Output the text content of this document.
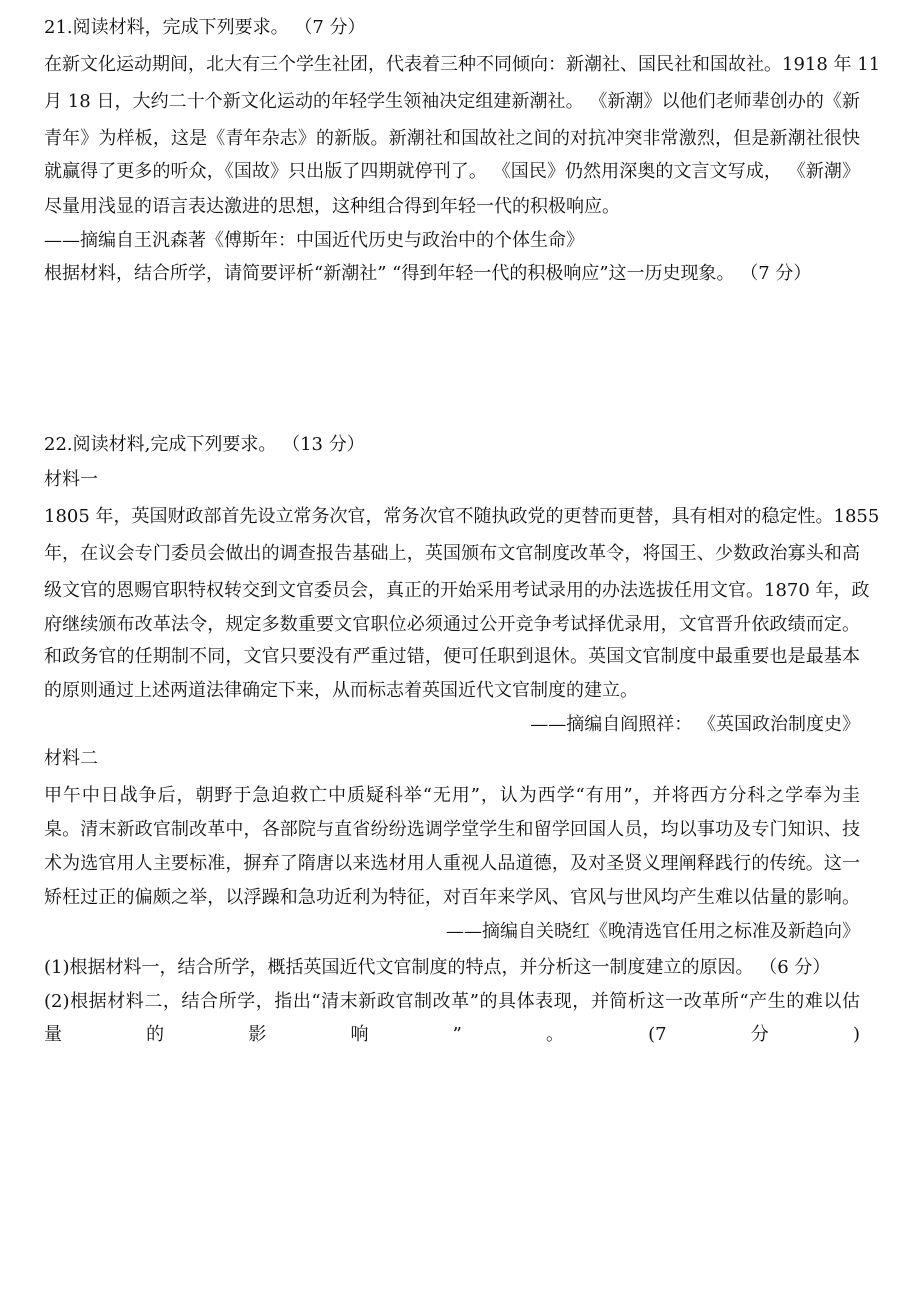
21.阅读材料，完成下列要求。 （7 分）
在新文化运动期间，北大有三个学生社团，代表着三种不同倾向：新潮社、国民社和国故社。1918 年 11
月 18 日，大约二十个新文化运动的年轻学生领袖决定组建新潮社。 《新潮》以他们老师辈创办的《新
青年》为样板，这是《青年杂志》的新版。新潮社和国故社之间的对抗冲突非常激烈，但是新潮社很快
就赢得了更多的听众，《国故》只出版了四期就停刊了。 《国民》仍然用深奥的文言文写成， 《新潮》
尽量用浅显的语言表达激进的思想，这种组合得到年轻一代的积极响应。
——摘编自王汎森著《傅斯年：中国近代历史与政治中的个体生命》
根据材料，结合所学，请简要评析“新潮社” “得到年轻一代的积极响应”这一历史现象。 （7 分）
22.阅读材料,完成下列要求。 （13 分）
材料一
1805 年，英国财政部首先设立常务次官，常务次官不随执政党的更替而更替，具有相对的稳定性。1855
年，在议会专门委员会做出的调查报告基础上，英国颁布文官制度改革令，将国王、少数政治寡头和高
级文官的恩赐官职特权转交到文官委员会，真正的开始采用考试录用的办法选拔任用文官。1870 年，政
府继续颁布改革法令，规定多数重要文官职位必须通过公开竞争考试择优录用，文官晋升依政绩而定。
和政务官的任期制不同，文官只要没有严重过错，便可任职到退休。英国文官制度中最重要也是最基本
的原则通过上述两道法律确定下来，从而标志着英国近代文官制度的建立。
——摘编自阎照祥： 《英国政治制度史》
材料二
甲午中日战争后，朝野于急迫救亡中质疑科举“无用”，认为西学“有用”，并将西方分科之学奉为圭
臬。清末新政官制改革中，各部院与直省纷纷选调学堂学生和留学回国人员，均以事功及专门知识、技
术为选官用人主要标准，摒弃了隋唐以来选材用人重视人品道德，及对圣贤义理阐释践行的传统。这一
矫枉过正的偏颇之举，以浮躁和急功近利为特征，对百年来学风、官风与世风均产生难以估量的影响。
——摘编自关晓红《晚清选官任用之标准及新趋向》
(1)根据材料一，结合所学，概括英国近代文官制度的特点，并分析这一制度建立的原因。 （6 分）
(2)根据材料二，结合所学，指出“清末新政官制改革”的具体表现，并简析这一改革所“产生的难以估
量	的	影	响	”	。	(7	分	)
